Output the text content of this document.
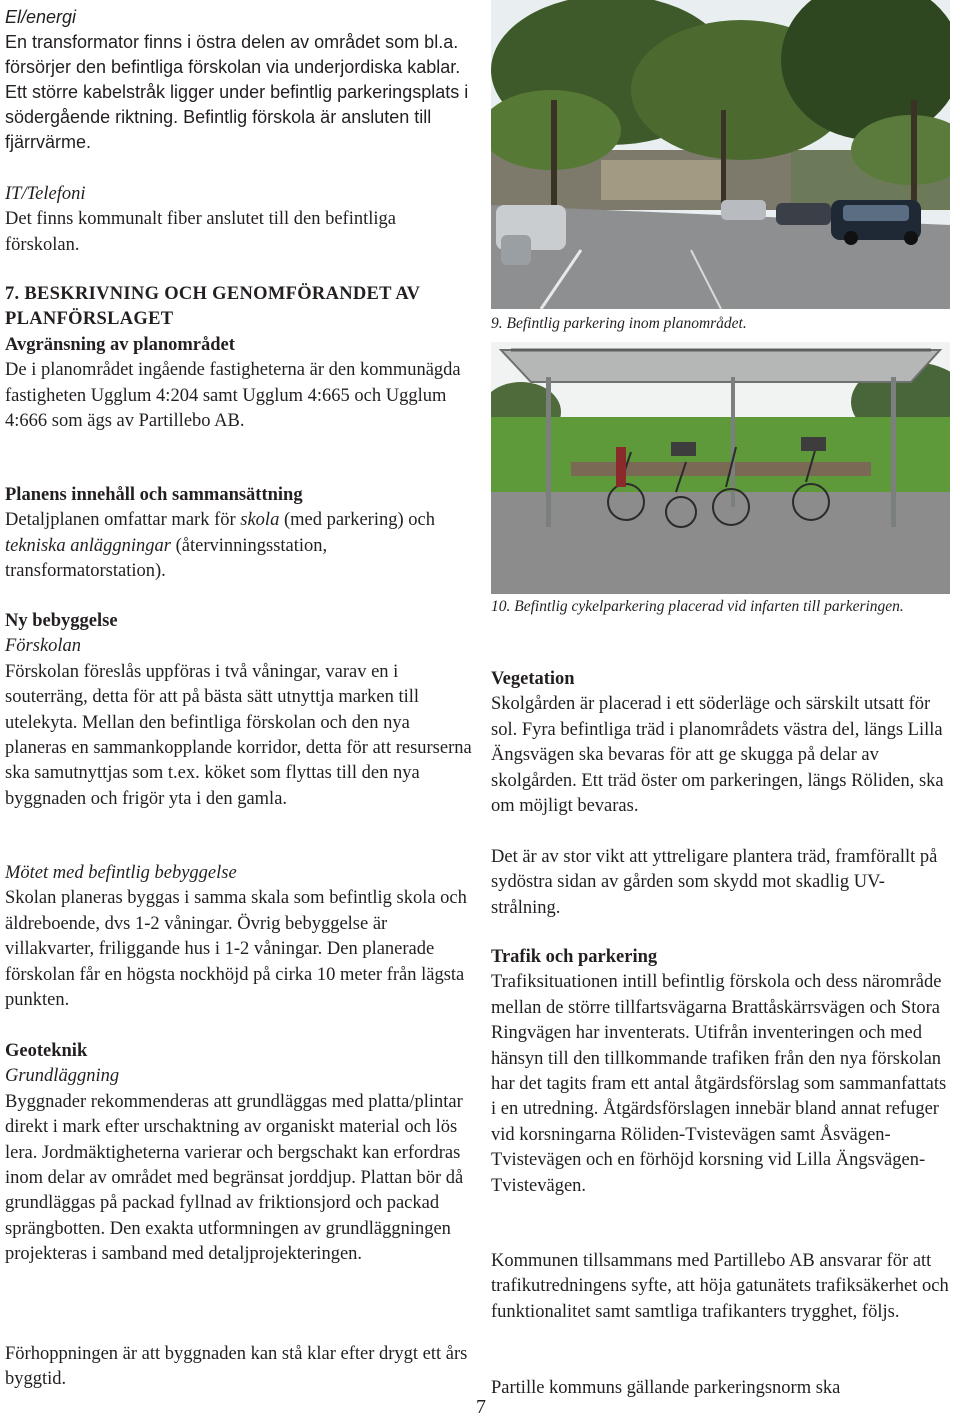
El/energi
En transformator finns i östra delen av området som bl.a. försörjer den befintliga förskolan via underjordiska kablar. Ett större kabelstråk ligger under befintlig parkeringsplats i södergående riktning. Befintlig förskola är ansluten till fjärrvärme.
IT/Telefoni
Det finns kommunalt fiber anslutet till den befintliga förskolan.
7. BESKRIVNING OCH GENOMFÖRANDET AV PLANFÖRSLAGET
Avgränsning av planområdet
De i planområdet ingående fastigheterna är den kommunägda fastigheten Ugglum 4:204 samt Ugglum 4:665 och Ugglum 4:666 som ägs av Partillebo AB.
Planens innehåll och sammansättning
Detaljplanen omfattar mark för skola (med parkering) och tekniska anläggningar (återvinningsstation, transformatorstation).
Ny bebyggelse
Förskolan
Förskolan föreslås uppföras i två våningar, varav en i souterräng, detta för att på bästa sätt utnyttja marken till utelekyta. Mellan den befintliga förskolan och den nya planeras en sammankopplande korridor, detta för att resurserna ska samutnyttjas som t.ex. köket som flyttas till den nya byggnaden och frigör yta i den gamla.
Mötet med befintlig bebyggelse
Skolan planeras byggas i samma skala som befintlig skola och äldreboende, dvs 1-2 våningar. Övrig bebyggelse är villakvarter, friliggande hus i 1-2 våningar. Den planerade förskolan får en högsta nockhöjd på cirka 10 meter från lägsta punkten.
Geoteknik
Grundläggning
Byggnader rekommenderas att grundläggas med platta/plintar direkt i mark efter urschaktning av organiskt material och lös lera. Jordmäktigheterna varierar och bergschakt kan erfordras inom delar av området med begränsat jorddjup. Plattan bör då grundläggas på packad fyllnad av friktionsjord och packad sprängbotten. Den exakta utformningen av grundläggningen projekteras i samband med detaljprojekteringen.
Förhoppningen är att byggnaden kan stå klar efter drygt ett års byggtid.
9. Befintlig parkering inom planområdet.
10. Befintlig cykelparkering placerad vid infarten till parkeringen.
Vegetation
Skolgården är placerad i ett söderläge och särskilt utsatt för sol. Fyra befintliga träd i planområdets västra del, längs Lilla Ängsvägen ska bevaras för att ge skugga på delar av skolgården. Ett träd öster om parkeringen, längs Röliden, ska om möjligt bevaras.
Det är av stor vikt att yttreligare plantera träd, framförallt på sydöstra sidan av gården som skydd mot skadlig UV-strålning.
Trafik och parkering
Trafiksituationen intill befintlig förskola och dess närområde mellan de större tillfartsvägarna Brattåskärrsvägen och Stora Ringvägen har inventerats. Utifrån inventeringen och med hänsyn till den tillkommande trafiken från den nya förskolan har det tagits fram ett antal åtgärdsförslag som sammanfattats i en utredning. Åtgärdsförslagen innebär bland annat refuger vid korsningarna Röliden-Tvistevägen samt Åsvägen-Tvistevägen och en förhöjd korsning vid Lilla Ängsvägen-Tvistevägen.
Kommunen tillsammans med Partillebo AB ansvarar för att trafikutredningens syfte, att höja gatunätets trafiksäkerhet och funktionalitet samt samtliga trafikanters trygghet, följs.
Partille kommuns gällande parkeringsnorm ska
7
